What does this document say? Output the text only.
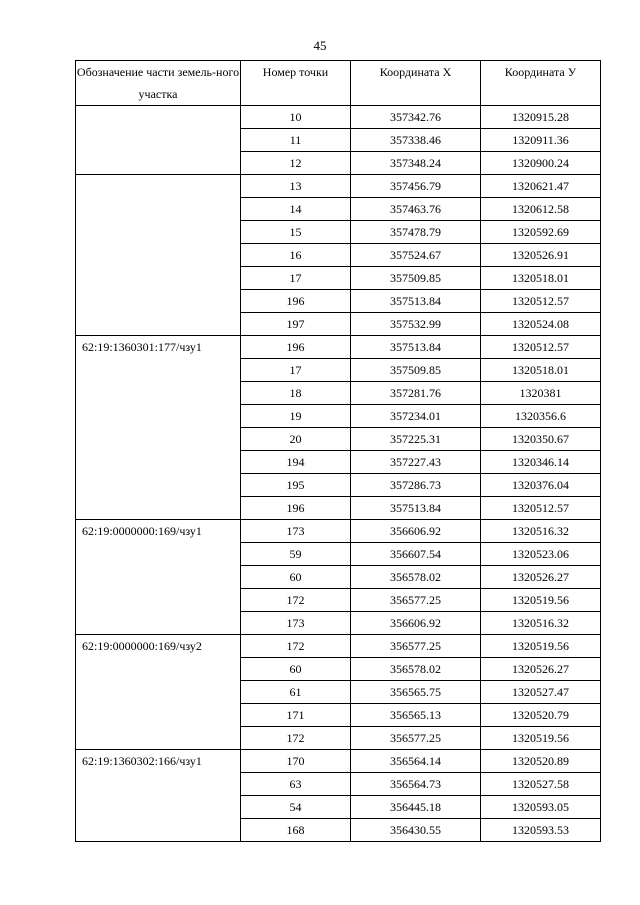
45
Обозначение части земель-ного участка	Номер точки	Координата X	Координата У
	10	357342.76	1320915.28
	11	357338.46	1320911.36
	12	357348.24	1320900.24
	13	357456.79	1320621.47
	14	357463.76	1320612.58
	15	357478.79	1320592.69
	16	357524.67	1320526.91
	17	357509.85	1320518.01
	196	357513.84	1320512.57
	197	357532.99	1320524.08
62:19:1360301:177/чзу1	196	357513.84	1320512.57
	17	357509.85	1320518.01
	18	357281.76	1320381
	19	357234.01	1320356.6
	20	357225.31	1320350.67
	194	357227.43	1320346.14
	195	357286.73	1320376.04
	196	357513.84	1320512.57
62:19:0000000:169/чзу1	173	356606.92	1320516.32
	59	356607.54	1320523.06
	60	356578.02	1320526.27
	172	356577.25	1320519.56
	173	356606.92	1320516.32
62:19:0000000:169/чзу2	172	356577.25	1320519.56
	60	356578.02	1320526.27
	61	356565.75	1320527.47
	171	356565.13	1320520.79
	172	356577.25	1320519.56
62:19:1360302:166/чзу1	170	356564.14	1320520.89
	63	356564.73	1320527.58
	54	356445.18	1320593.05
	168	356430.55	1320593.53
